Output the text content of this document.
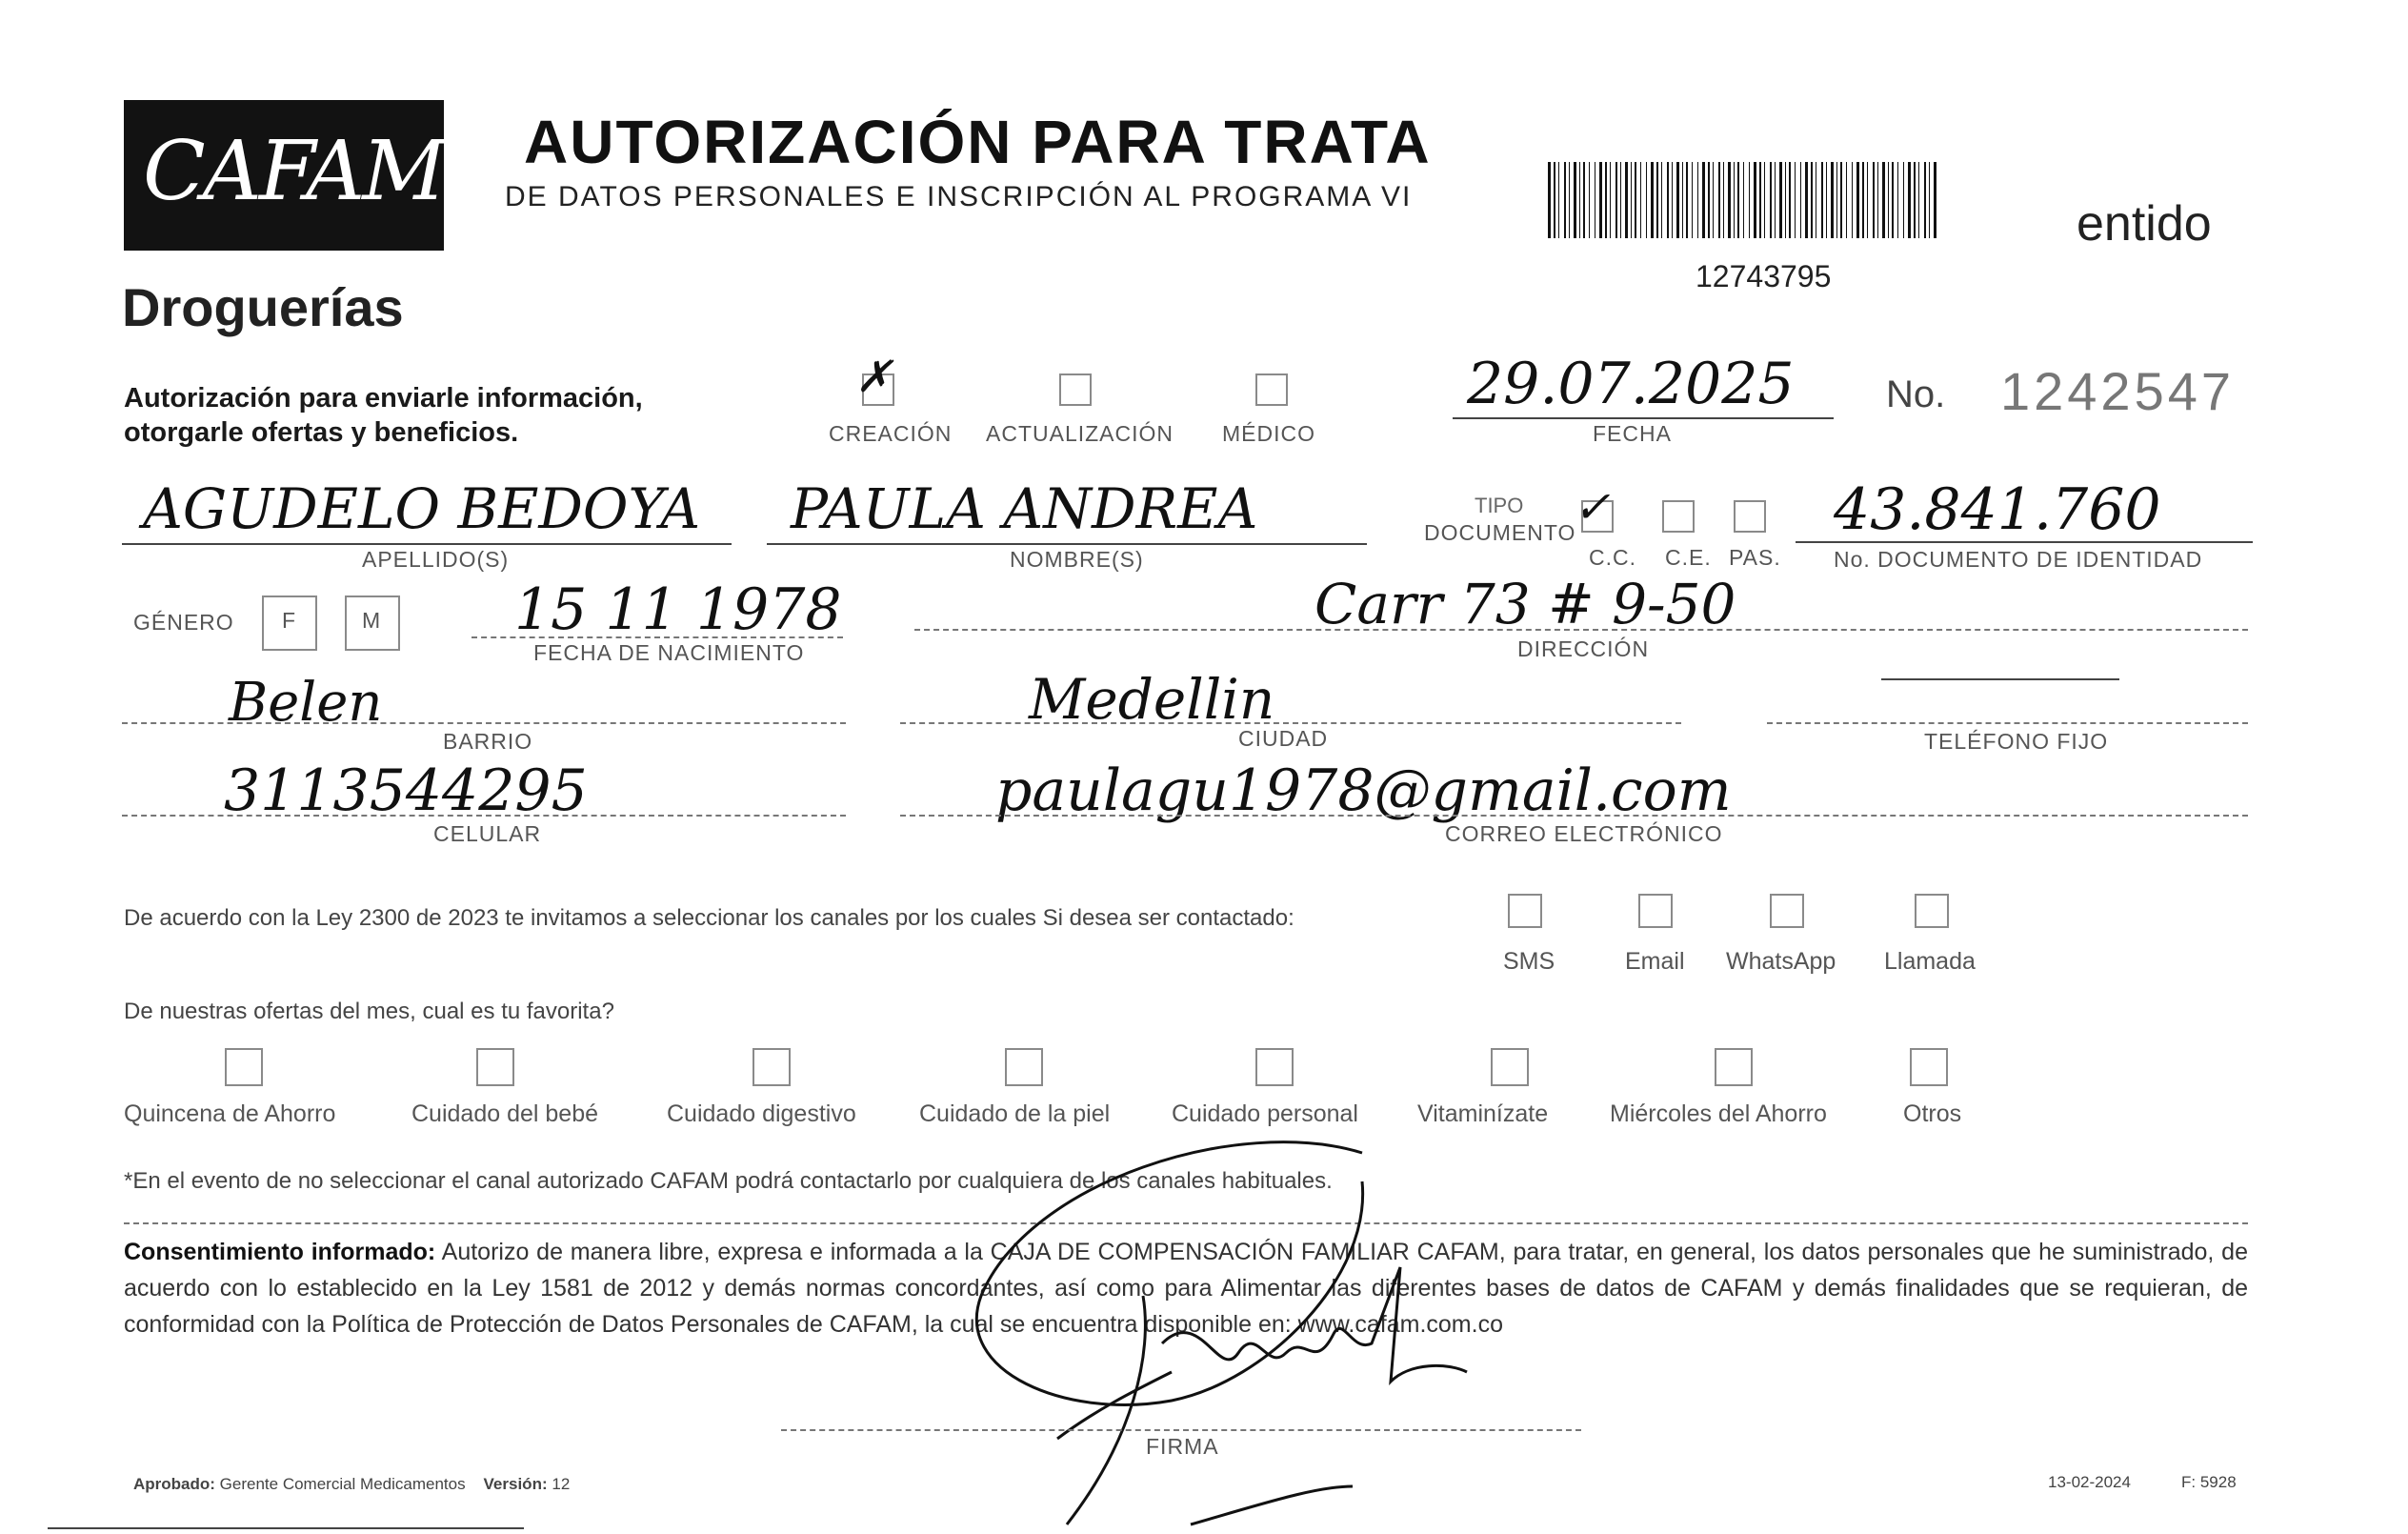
CAFAM
Droguerías
AUTORIZACIÓN PARA TRATA
DE DATOS PERSONALES E INSCRIPCIÓN AL PROGRAMA VI
12743795
entido
Autorización para enviarle información,
otorgarle ofertas y beneficios.
✗
CREACIÓN ACTUALIZACIÓN MÉDICO
29.07.2025
FECHA
No. 1242547
AGUDELO BEDOYA
APELLIDO(S)
PAULA ANDREA
NOMBRE(S)
TIPO
DOCUMENTO
✓
C.C. C.E. PAS.
43.841.760
No. DOCUMENTO DE IDENTIDAD
GÉNERO F	M 15 11 1978
FECHA DE NACIMIENTO
Carr 73 # 9-50
DIRECCIÓN
Belen
BARRIO
Medellin
CIUDAD	TELÉFONO FIJO
3113544295
CELULAR
paulagu1978@gmail.com
CORREO ELECTRÓNICO
De acuerdo con la Ley 2300 de 2023 te invitamos a seleccionar los canales por los cuales Si desea ser contactado:
SMS	Email WhatsApp Llamada
De nuestras ofertas del mes, cual es tu favorita?
Quincena de Ahorro	Cuidado del bebé	Cuidado digestivo	Cuidado de la piel	Cuidado personal Vitaminízate	Miércoles del Ahorro	Otros
*En el evento de no seleccionar el canal autorizado CAFAM podrá contactarlo por cualquiera de los canales habituales.
Consentimiento informado: Autorizo de manera libre, expresa e informada a la CAJA DE COMPENSACIÓN FAMILIAR CAFAM, para tratar, en general, los datos personales que he suministrado, de acuerdo con lo establecido en la Ley 1581 de 2012 y demás normas concordantes, así como para Alimentar las diferentes bases de datos de CAFAM y demás finalidades que se requieran, de conformidad con la Política de Protección de Datos Personales de CAFAM, la cual se encuentra disponible en: www.cafam.com.co
FIRMA
Aprobado: Gerente Comercial Medicamentos Versión: 12	13-02-2024	F: 5928
